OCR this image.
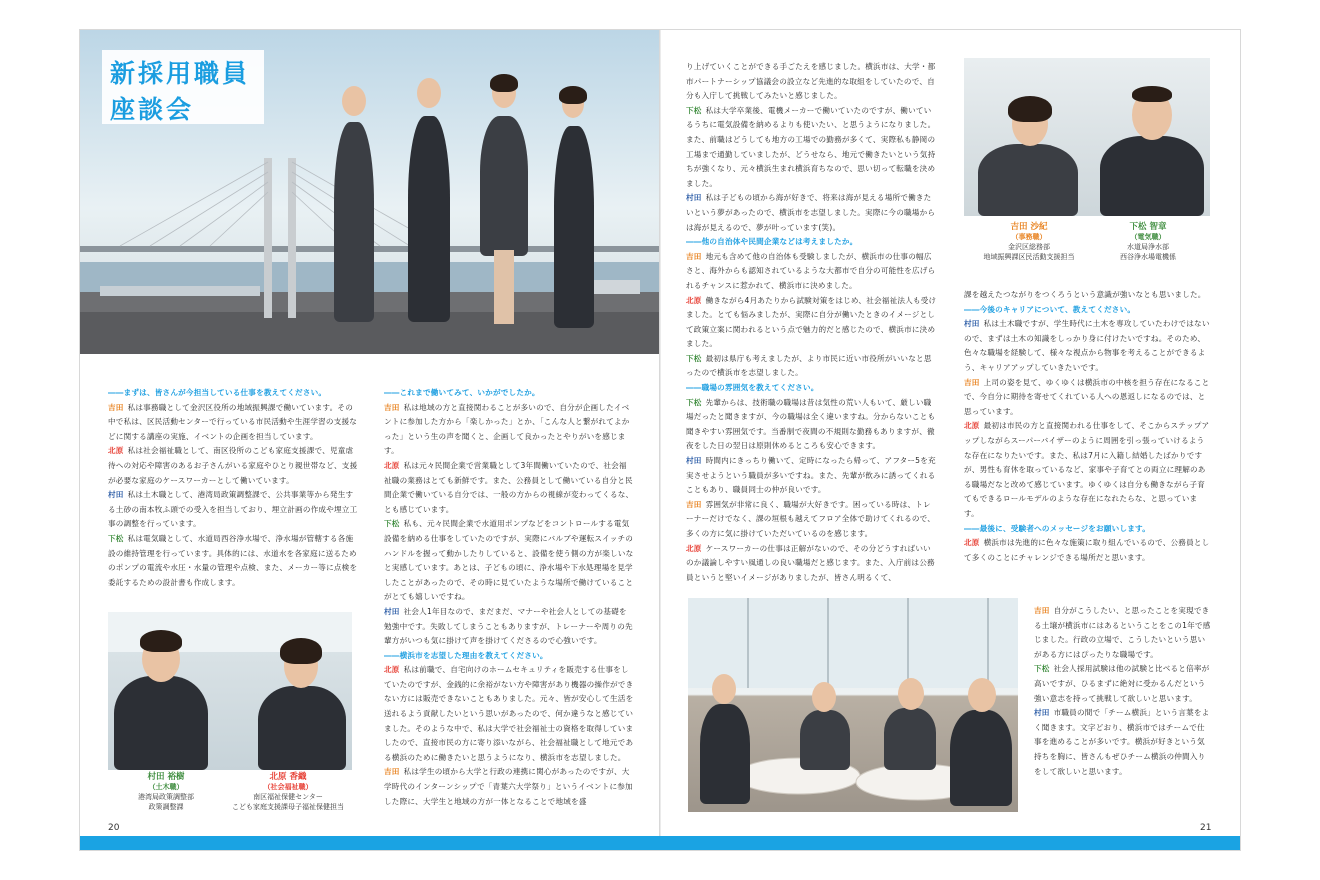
新採用職員
座談会

――まずは、皆さんが今担当している仕事を教えてください。

吉田 私は事務職として金沢区役所の地域振興課で働いています。その中で私は、区民活動センターで行っている市民活動や生涯学習の支援などに関する講座の実施、イベントの企画を担当しています。

北原 私は社会福祉職として、南区役所のこども家庭支援課で、児童虐待への対応や障害のあるお子さんがいる家庭やひとり親世帯など、支援が必要な家庭のケースワーカーとして働いています。

村田 私は土木職として、港湾局政策調整課で、公共事業等から発生する土砂の南本牧ふ頭での受入を担当しており、埋立計画の作成や埋立工事の調整を行っています。

下松 私は電気職として、水道局西谷浄水場で、浄水場が管轄する各施設の維持管理を行っています。具体的には、水道水を各家庭に送るためのポンプの電流や水圧・水量の管理や点検、また、メーカー等に点検を委託するための設計書も作成します。

――これまで働いてみて、いかがでしたか。

吉田 私は地域の方と直接関わることが多いので、自分が企画したイベントに参加した方から「楽しかった」とか、「こんな人と繋がれてよかった」という生の声を聞くと、企画して良かったとやりがいを感じます。

北原 私は元々民間企業で営業職として3年間働いていたので、社会福祉職の業務はとても新鮮です。また、公務員として働いている自分と民間企業で働いている自分では、一般の方からの視線が変わってくるな、とも感じています。

下松 私も、元々民間企業で水道用ポンプなどをコントロールする電気設備を納める仕事をしていたのですが、実際にバルブや運転スイッチのハンドルを握って動かしたりしていると、設備を使う側の方が楽しいなと実感しています。あとは、子どもの頃に、浄水場や下水処理場を見学したことがあったので、その時に見ていたような場所で働けていることがとても嬉しいですね。

村田 社会人1年目なので、まだまだ、マナーや社会人としての基礎を勉強中です。失敗してしまうこともありますが、トレーナーや周りの先輩方がいつも気に掛けて声を掛けてくださるので心強いです。

――横浜市を志望した理由を教えてください。

北原 私は前職で、自宅向けのホームセキュリティを販売する仕事をしていたのですが、金銭的に余裕がない方や障害があり機器の操作ができない方には販売できないこともありました。元々、皆が安心して生活を送れるよう貢献したいという思いがあったので、何か違うなと感じていました。そのような中で、私は大学で社会福祉士の資格を取得していましたので、直接市民の方に寄り添いながら、社会福祉職として地元である横浜のために働きたいと思うようになり、横浜市を志望しました。

吉田 私は学生の頃から大学と行政の連携に関心があったのですが、大学時代のインターンシップで「青葉六大学祭り」というイベントに参加した際に、大学生と地域の方が一体となることで地域を盛

村田 裕樹
（土木職）
港湾局政策調整部
政策調整課
北原 香織
（社会福祉職）
南区福祉保健センター
こども家庭支援課母子福祉保健担当
20

り上げていくことができる手ごたえを感じました。横浜市は、大学・都市パートナーシップ協議会の設立など先進的な取組をしていたので、自分も入庁して挑戦してみたいと感じました。

下松 私は大学卒業後、電機メーカーで働いていたのですが、働いているうちに電気設備を納めるよりも使いたい、と思うようになりました。また、前職はどうしても地方の工場での勤務が多くて、実際私も静岡の工場まで通勤していましたが、どうせなら、地元で働きたいという気持ちが強くなり、元々横浜生まれ横浜育ちなので、思い切って転職を決めました。

村田 私は子どもの頃から海が好きで、将来は海が見える場所で働きたいという夢があったので、横浜市を志望しました。実際に今の職場からは海が見えるので、夢が叶っています(笑)。

――他の自治体や民間企業などは考えましたか。

吉田 地元も含めて他の自治体も受験しましたが、横浜市の仕事の幅広さと、海外からも認知されているような大都市で自分の可能性を広げられるチャンスに惹かれて、横浜市に決めました。

北原 働きながら4月あたりから試験対策をはじめ、社会福祉法人も受けました。とても悩みましたが、実際に自分が働いたときのイメージとして政策立案に関われるという点で魅力的だと感じたので、横浜市に決めました。

下松 最初は県庁も考えましたが、より市民に近い市役所がいいなと思ったので横浜市を志望しました。

――職場の雰囲気を教えてください。

下松 先輩からは、技術職の職場は昔は気性の荒い人もいて、厳しい職場だったと聞きますが、今の職場は全く違いますね。分からないことも聞きやすい雰囲気です。当番制で夜間の不規則な勤務もありますが、徹夜をした日の翌日は原則休めるところも安心できます。

村田 時間内にきっちり働いて、定時になったら帰って、アフター5を充実させようという職員が多いですね。また、先輩が飲みに誘ってくれることもあり、職員同士の仲が良いです。

吉田 雰囲気が非常に良く、職場が大好きです。困っている時は、トレーナーだけでなく、課の垣根も越えてフロア全体で助けてくれるので、多くの方に気に掛けていただいているのを感じます。

北原 ケースワーカーの仕事は正解がないので、その分どうすればいいのか議論しやすい風通しの良い職場だと感じます。また、入庁前は公務員というと堅いイメージがありましたが、皆さん明るくて、

吉田 沙紀
（事務職）
金沢区総務部
地域振興課区民活動支援担当
下松 智章
（電気職）
水道局浄水部
西谷浄水場電機係

課を越えたつながりをつくろうという意識が強いなとも思いました。

――今後のキャリアについて、教えてください。

村田 私は土木職ですが、学生時代に土木を専攻していたわけではないので、まずは土木の知識をしっかり身に付けたいですね。そのため、色々な職場を経験して、様々な視点から物事を考えることができるよう、キャリアアップしていきたいです。

吉田 上司の姿を見て、ゆくゆくは横浜市の中核を担う存在になることで、今自分に期待を寄せてくれている人への恩返しになるのでは、と思っています。

北原 最初は市民の方と直接関われる仕事をして、そこからステップアップしながらスーパーバイザーのように周囲を引っ張っていけるような存在になりたいです。また、私は7月に入籍し結婚したばかりですが、男性も育休を取っているなど、家事や子育てとの両立に理解のある職場だなと改めて感じています。ゆくゆくは自分も働きながら子育てもできるロールモデルのような存在になれたらな、と思っています。

――最後に、受験者へのメッセージをお願いします。

北原 横浜市は先進的に色々な施策に取り組んでいるので、公務員として多くのことにチャレンジできる場所だと思います。

吉田 自分がこうしたい、と思ったことを実現できる土壌が横浜市にはあるということをこの1年で感じました。行政の立場で、こうしたいという思いがある方にはぴったりな職場です。

下松 社会人採用試験は他の試験と比べると倍率が高いですが、ひるまずに絶対に受かるんだという強い意志を持って挑戦して欲しいと思います。

村田 市職員の間で「チーム横浜」という言葉をよく聞きます。文字どおり、横浜市ではチームで仕事を進めることが多いです。横浜が好きという気持ちを胸に、皆さんもぜひチーム横浜の仲間入りをして欲しいと思います。

21
